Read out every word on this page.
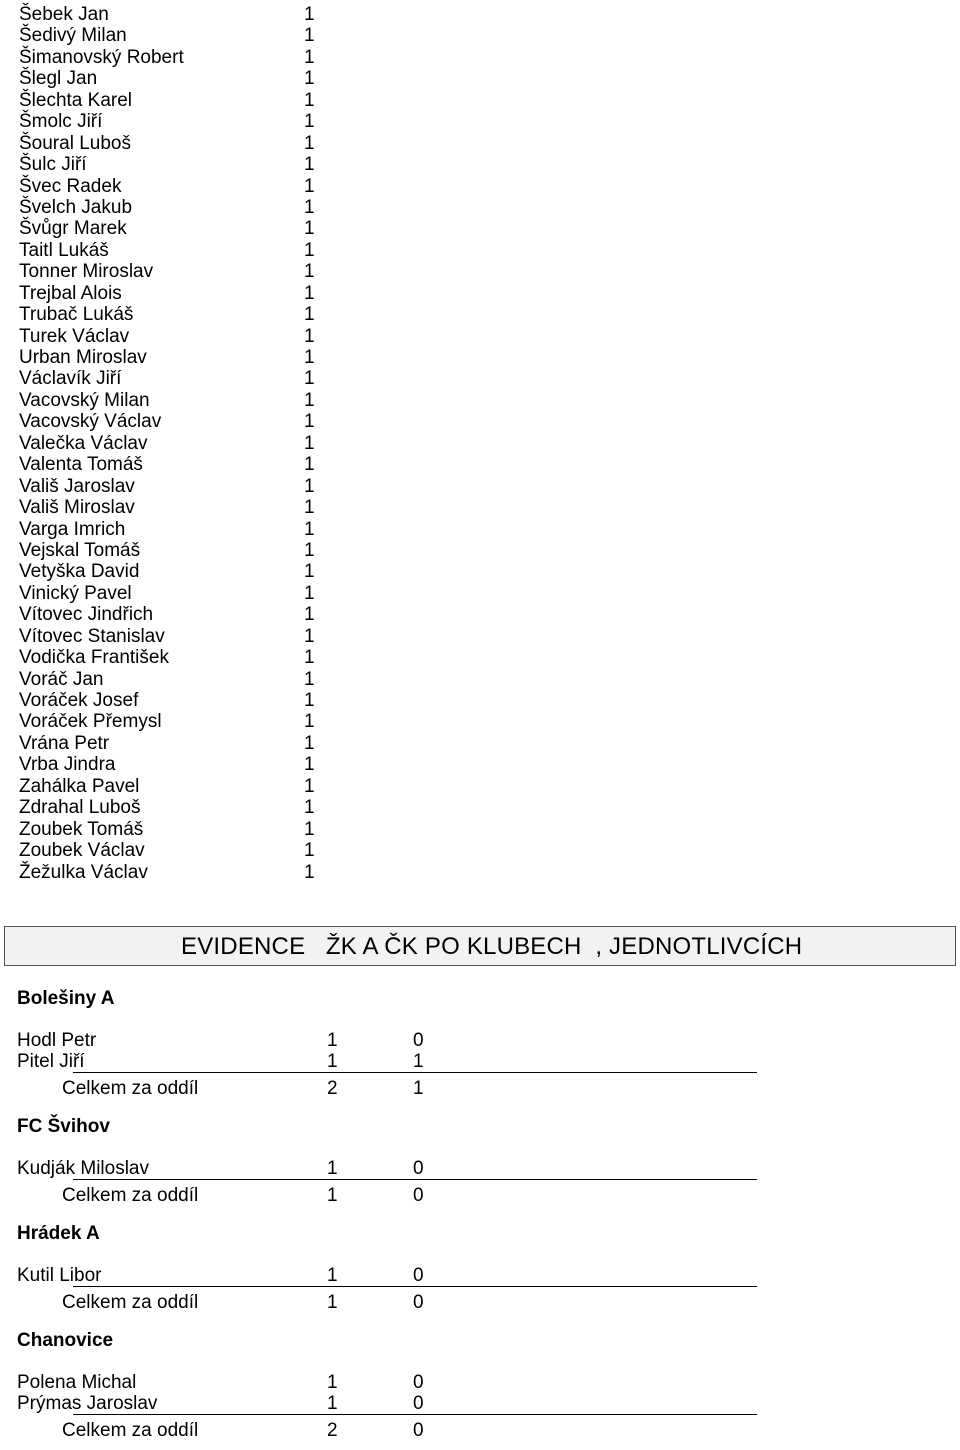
Šebek Jan	1
Šedivý Milan	1
Šimanovský Robert	1
Šlegl Jan	1
Šlechta Karel	1
Šmolc Jiří	1
Šoural Luboš	1
Šulc Jiří	1
Švec Radek	1
Švelch Jakub	1
Švůgr Marek	1
Taitl Lukáš	1
Tonner Miroslav	1
Trejbal Alois	1
Trubač Lukáš	1
Turek Václav	1
Urban Miroslav	1
Václavík Jiří	1
Vacovský Milan	1
Vacovský Václav	1
Valečka Václav	1
Valenta Tomáš	1
Vališ Jaroslav	1
Vališ Miroslav	1
Varga Imrich	1
Vejskal Tomáš	1
Vetyška David	1
Vinický Pavel	1
Vítovec Jindřich	1
Vítovec Stanislav	1
Vodička František	1
Voráč Jan	1
Voráček Josef	1
Voráček Přemysl	1
Vrána Petr	1
Vrba Jindra	1
Zahálka Pavel	1
Zdrahal Luboš	1
Zoubek Tomáš	1
Zoubek Václav	1
Žežulka Václav	1
EVIDENCE   ŽK A ČK PO KLUBECH  , JEDNOTLIVCÍCH
Bolešiny A
Hodl Petr	1	0
Pitel Jiří	1	1
Celkem za oddíl	2	1
FC Švihov
Kudják Miloslav	1	0
Celkem za oddíl	1	0
Hrádek A
Kutil Libor	1	0
Celkem za oddíl	1	0
Chanovice
Polena Michal	1	0
Prýmas Jaroslav	1	0
Celkem za oddíl	2	0
